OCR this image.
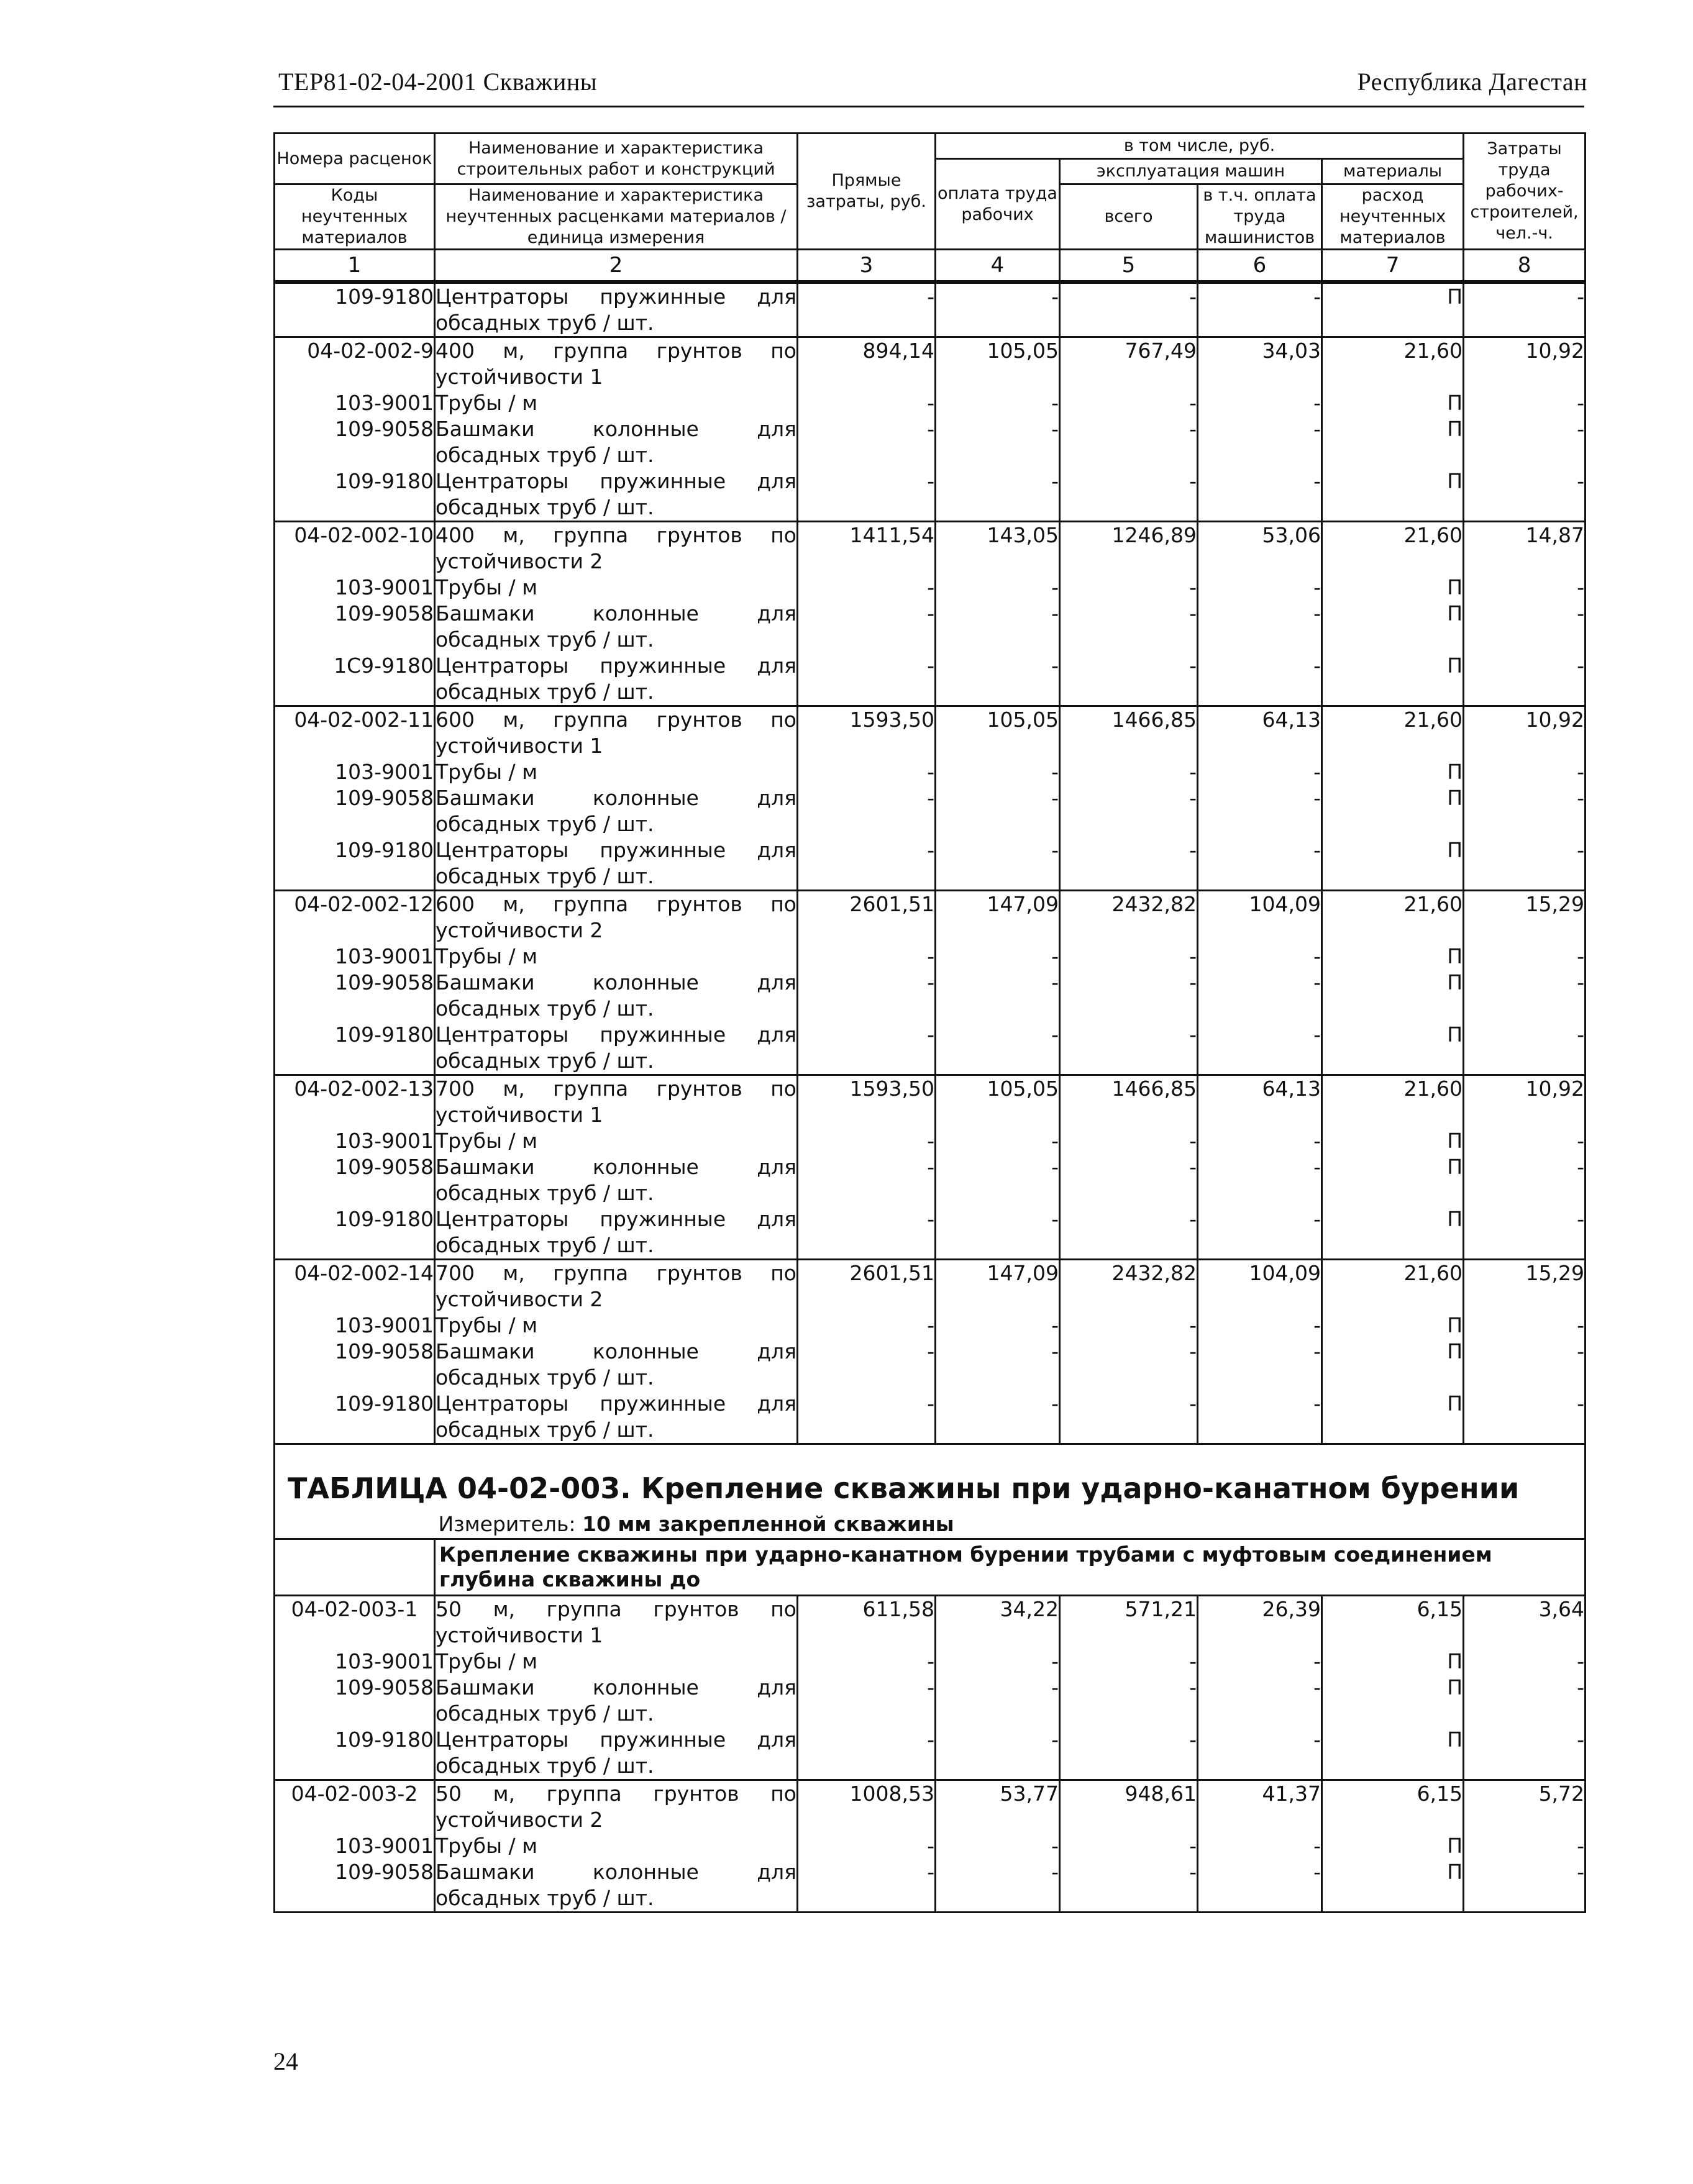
ТЕР81-02-04-2001 Скважины	Республика Дагестан
Номера расценок	Наименование и характеристика строительных работ и конструкций	Прямые затраты, руб.	в том числе, руб.				Затраты труда рабочих-строителей, чел.-ч.
			оплата труда рабочих	эксплуатация машин		материалы	
Коды неучтенных материалов	Наименование и характеристика неучтенных расценками материалов / единица измерения			всего	в т.ч. оплата труда машинистов	расход неучтенных материалов	

1	2	3	4	5	6	7	8
109-9180	Центраторы пружинные для обсадных труб / шт.	-	-	-	-	П	-
04-02-002-9	400 м, группа грунтов по устойчивости 1	894,14	105,05	767,49	34,03	21,60	10,92
103-9001	Трубы / м	-	-	-	-	П	-
109-9058	Башмаки колонные для обсадных труб / шт.	-	-	-	-	П	-
109-9180	Центраторы пружинные для обсадных труб / шт.	-	-	-	-	П	-
04-02-002-10	400 м, группа грунтов по устойчивости 2	1411,54	143,05	1246,89	53,06	21,60	14,87
103-9001	Трубы / м	-	-	-	-	П	-
109-9058	Башмаки колонные для обсадных труб / шт.	-	-	-	-	П	-
1С9-9180	Центраторы пружинные для обсадных труб / шт.	-	-	-	-	П	-
04-02-002-11	600 м, группа грунтов по устойчивости 1	1593,50	105,05	1466,85	64,13	21,60	10,92
103-9001	Трубы / м	-	-	-	-	П	-
109-9058	Башмаки колонные для обсадных труб / шт.	-	-	-	-	П	-
109-9180	Центраторы пружинные для обсадных труб / шт.	-	-	-	-	П	-
04-02-002-12	600 м, группа грунтов по устойчивости 2	2601,51	147,09	2432,82	104,09	21,60	15,29
103-9001	Трубы / м	-	-	-	-	П	-
109-9058	Башмаки колонные для обсадных труб / шт.	-	-	-	-	П	-
109-9180	Центраторы пружинные для обсадных труб / шт.	-	-	-	-	П	-
04-02-002-13	700 м, группа грунтов по устойчивости 1	1593,50	105,05	1466,85	64,13	21,60	10,92
103-9001	Трубы / м	-	-	-	-	П	-
109-9058	Башмаки колонные для обсадных труб / шт.	-	-	-	-	П	-
109-9180	Центраторы пружинные для обсадных труб / шт.	-	-	-	-	П	-
04-02-002-14	700 м, группа грунтов по устойчивости 2	2601,51	147,09	2432,82	104,09	21,60	15,29
103-9001	Трубы / м	-	-	-	-	П	-
109-9058	Башмаки колонные для обсадных труб / шт.	-	-	-	-	П	-
109-9180	Центраторы пружинные для обсадных труб / шт.	-	-	-	-	П	-
ТАБЛИЦА 04-02-003. Крепление скважины при ударно-канатном бурении							
	Измеритель: 10 мм закрепленной скважины						
	Крепление скважины при ударно-канатном бурении трубами с муфтовым соединением глубина скважины до						
04-02-003-1	50 м, группа грунтов по устойчивости 1	611,58	34,22	571,21	26,39	6,15	3,64
103-9001	Трубы / м	-	-	-	-	П	-
109-9058	Башмаки колонные для обсадных труб / шт.	-	-	-	-	П	-
109-9180	Центраторы пружинные для обсадных труб / шт.	-	-	-	-	П	-
04-02-003-2	50 м, группа грунтов по устойчивости 2	1008,53	53,77	948,61	41,37	6,15	5,72
103-9001	Трубы / м	-	-	-	-	П	-
109-9058	Башмаки колонные для обсадных труб / шт.	-	-	-	-	П	-
24
